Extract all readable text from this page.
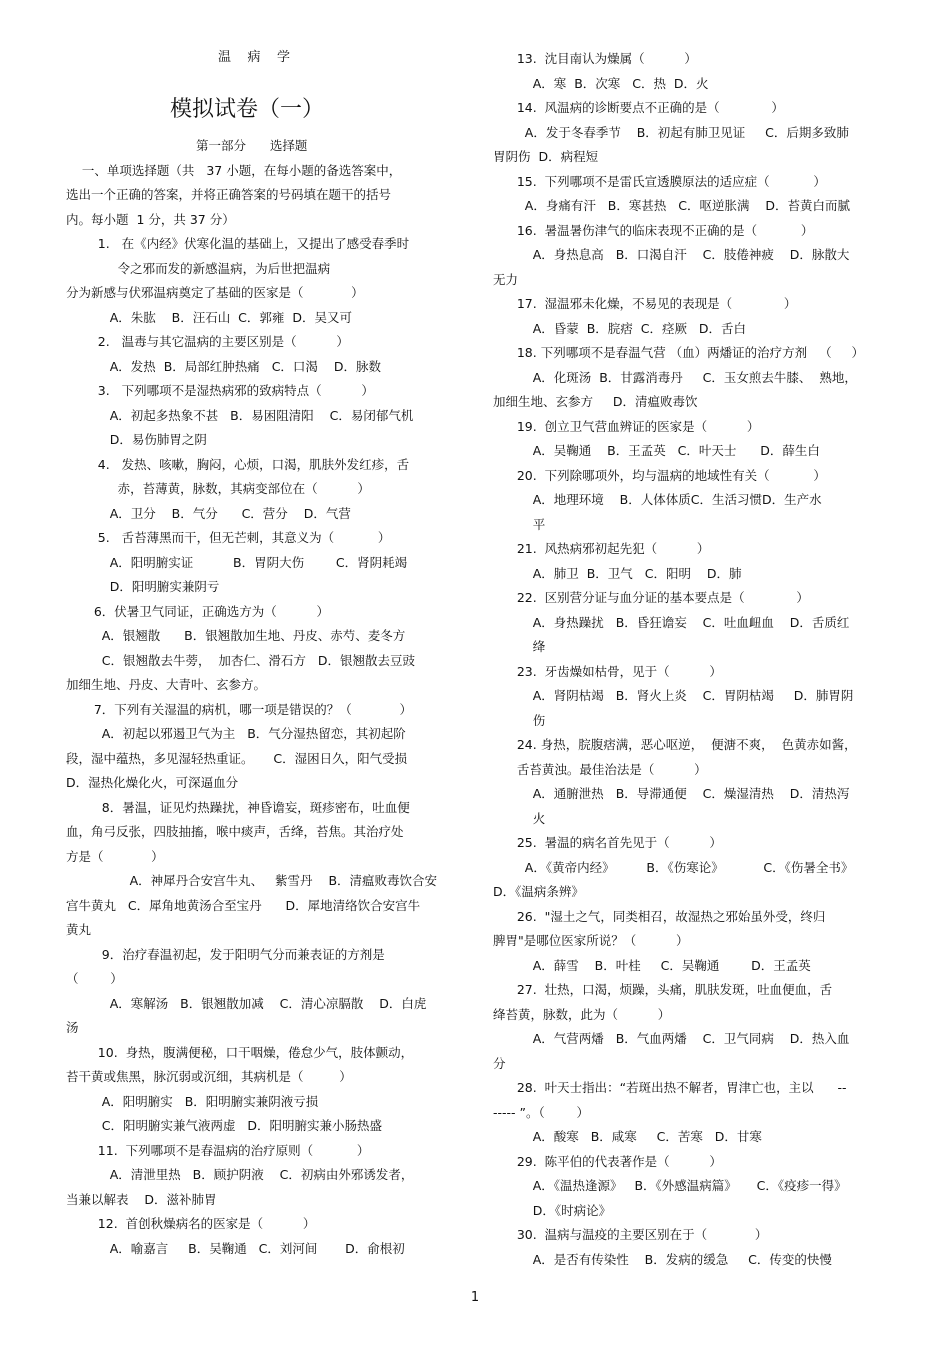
温    病    学
模拟试卷（一）
第一部分      选择题
一、单项选择题（共   37 小题，在每小题的备选答案中，
选出一个正确的答案，并将正确答案的号码填在题干的括号
内。每小题  1 分，共 37 分）
1.   在《内经》伏寒化温的基础上，又提出了感受春季时
令之邪而发的新感温病，为后世把温病
分为新感与伏邪温病奠定了基础的医家是（            ）
A．朱肱    B．汪石山  C．郭雍  D．吴又可
2.   温毒与其它温病的主要区别是（          ）
A．发热  B．局部红肿热痛   C．口渴    D．脉数
3.   下列哪项不是湿热病邪的致病特点（          ）
A．初起多热象不甚   B．易困阻清阳    C．易闭郁气机
D．易伤肺胃之阴
4.   发热、咳嗽，胸闷，心烦，口渴，肌肤外发红疹，舌
赤，苔薄黄，脉数，其病变部位在（          ）
A．卫分    B．气分      C．营分    D．气营
5.   舌苔薄黑而干，但无芒刺，其意义为（           ）
A．阳明腑实证          B．胃阴大伤        C．肾阴耗竭
D．阳明腑实兼阴亏
6．伏暑卫气同证，正确选方为（          ）
A．银翘散      B．银翘散加生地、丹皮、赤芍、麦冬方
C．银翘散去牛蒡，  加杏仁、滑石方   D．银翘散去豆豉
加细生地、丹皮、大青叶、玄参方。
7．下列有关湿温的病机，哪一项是错误的？（            ）
A．初起以邪遏卫气为主   B．气分湿热留恋，其初起阶
段，湿中蕴热，多见湿轻热重证。     C．湿困日久，阳气受损
D．湿热化燥化火，可深逼血分
8．暑温，证见灼热躁扰，神昏谵妄，斑疹密布，吐血便
血，角弓反张，四肢抽搐，喉中痰声，舌绛，苔焦。其治疗处
方是（            ）
A．神犀丹合安宫牛丸、   紫雪丹    B．清瘟败毒饮合安
宫牛黄丸   C．犀角地黄汤合至宝丹      D．犀地清络饮合安宫牛
黄丸
9．治疗春温初起，发于阳明气分而兼表证的方剂是
（        ）
A．寒解汤   B．银翘散加减    C．清心凉膈散    D．白虎
汤
10.  身热，腹满便秘，口干咽燥，倦怠少气，肢体颤动，
苔干黄或焦黑，脉沉弱或沉细，其病机是（         ）
A．阳明腑实   B．阳明腑实兼阴液亏损
C．阳明腑实兼气液两虚   D．阳明腑实兼小肠热盛
11.  下列哪项不是春温病的治疗原则（           ）
A．清泄里热   B．顾护阴液    C．初病由外邪诱发者，
当兼以解表    D．滋补肺胃
12.  首创秋燥病名的医家是（          ）
A．喻嘉言     B．吴鞠通   C．刘河间       D．俞根初
13.  沈目南认为燥属（          ）
A．寒  B．次寒   C．热  D．火
14.  风温病的诊断要点不正确的是（             ）
A．发于冬春季节    B．初起有肺卫见证     C．后期多致肺
胃阴伤  D．病程短
15.  下列哪项不是雷氏宣透膜原法的适应症（           ）
A．身痛有汗   B．寒甚热   C．呕逆胀满    D．苔黄白而腻
16.  暑温暑伤津气的临床表现不正确的是（           ）
A．身热息高   B．口渴自汗    C．肢倦神疲    D．脉散大
无力
17.  湿温邪未化燥，不易见的表现是（             ）
A．昏蒙  B．脘痞  C．痉厥   D．舌白
18. 下列哪项不是春温气营 （血）两燔证的治疗方剂   （     ）
A．化斑汤  B．甘露消毒丹     C．玉女煎去牛膝、  熟地，
加细生地、玄参方     D．清瘟败毒饮
19.  创立卫气营血辨证的医家是（          ）
A．吴鞠通    B．王孟英   C．叶天士      D．薛生白
20.  下列除哪项外，均与温病的地域性有关（           ）
A．地理环境    B．人体体质C．生活习惯D．生产水
平
21.  风热病邪初起先犯（          ）
A．肺卫  B．卫气   C．阳明    D．肺
22.  区别营分证与血分证的基本要点是（             ）
A．身热躁扰   B．昏狂谵妄    C．吐血衄血    D．舌质红
绛
23.  牙齿燥如枯骨，见于（          ）
A．肾阴枯竭   B．肾火上炎    C．胃阴枯竭     D．肺胃阴
伤
24. 身热，脘腹痞满，恶心呕逆，  便溏不爽，  色黄赤如酱，
舌苔黄浊。最佳治法是（          ）
A．通腑泄热   B．导滞通便    C．燥湿清热    D．清热泻
火
25.  暑温的病名首先见于（          ）
A．《黄帝内经》        B．《伤寒论》          C．《伤暑全书》
D．《温病条辨》
26.  "湿土之气，同类相召，故湿热之邪始虽外受，终归
脾胃"是哪位医家所说？（          ）
A．薛雪    B．叶桂     C．吴鞠通        D．王孟英
27.  壮热，口渴，烦躁，头痛，肌肤发斑，吐血便血，舌
绛苔黄，脉数，此为（          ）
A．气营两燔   B．气血两燔    C．卫气同病    D．热入血
分
28.  叶天士指出：“若斑出热不解者，胃津亡也，主以      --
----- ”。（        ）
A．酸寒   B．咸寒     C．苦寒   D．甘寒
29.  陈平伯的代表著作是（          ）
A．《温热逢源》   B．《外感温病篇》     C．《疫疹一得》
D．《时病论》
30.  温病与温疫的主要区别在于（            ）
A．是否有传染性    B．发病的缓急     C．传变的快慢
1
